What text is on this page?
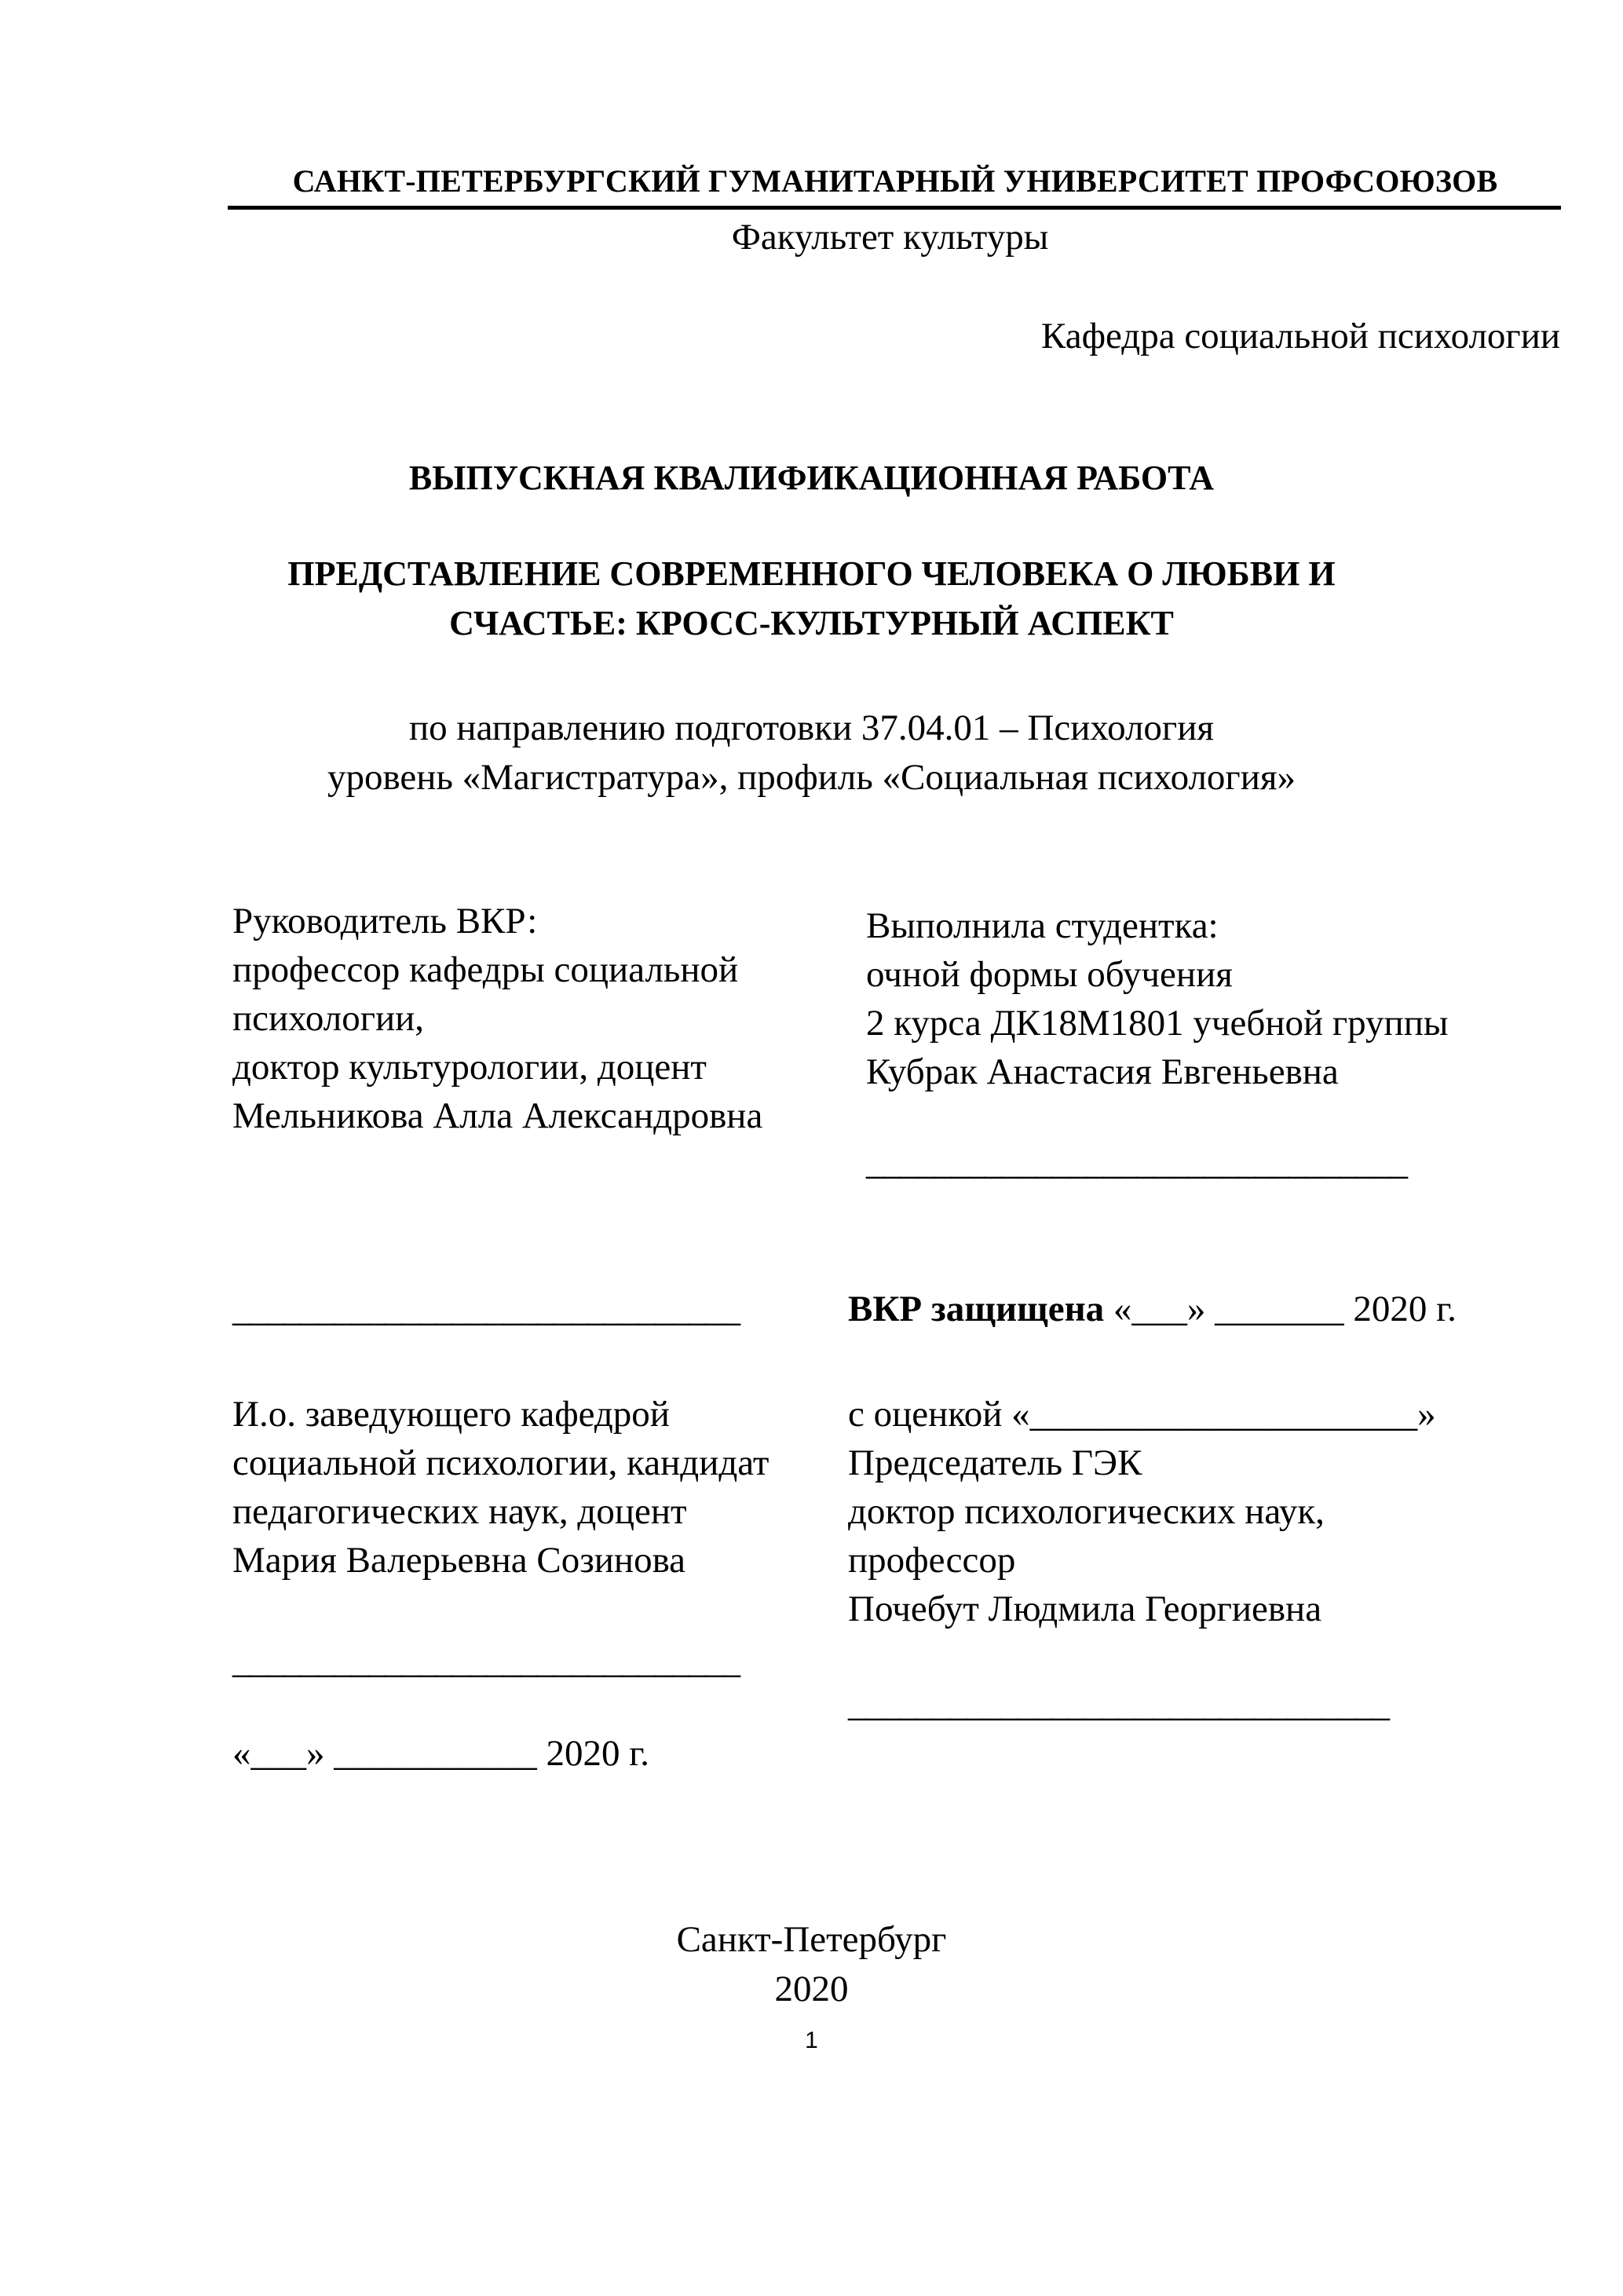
САНКТ-ПЕТЕРБУРГСКИЙ ГУМАНИТАРНЫЙ УНИВЕРСИТЕТ ПРОФСОЮЗОВ
Факультет культуры
Кафедра социальной психологии
ВЫПУСКНАЯ КВАЛИФИКАЦИОННАЯ РАБОТА
ПРЕДСТАВЛЕНИЕ СОВРЕМЕННОГО ЧЕЛОВЕКА О ЛЮБВИ И
СЧАСТЬЕ: КРОСС-КУЛЬТУРНЫЙ АСПЕКТ
по направлению подготовки 37.04.01 – Психология
уровень «Магистратура», профиль «Социальная психология»
Руководитель ВКР:
профессор кафедры социальной
психологии,
доктор культурологии, доцент
Мельникова Алла Александровна
Выполнила студентка:
очной формы обучения
2 курса ДК18М1801 учебной группы
Кубрак Анастасия Евгеньевна
________________________________
______________________________	ВКР защищена «___» _______ 2020 г.
И.о. заведующего кафедрой
социальной психологии, кандидат
педагогических наук, доцент
Мария Валерьевна Созинова
______________________________
«___» ___________ 2020 г.
с оценкой «_____________________»
Председатель ГЭК
доктор психологических наук,
профессор
Почебут Людмила Георгиевна
________________________________
Санкт-Петербург
2020
1
